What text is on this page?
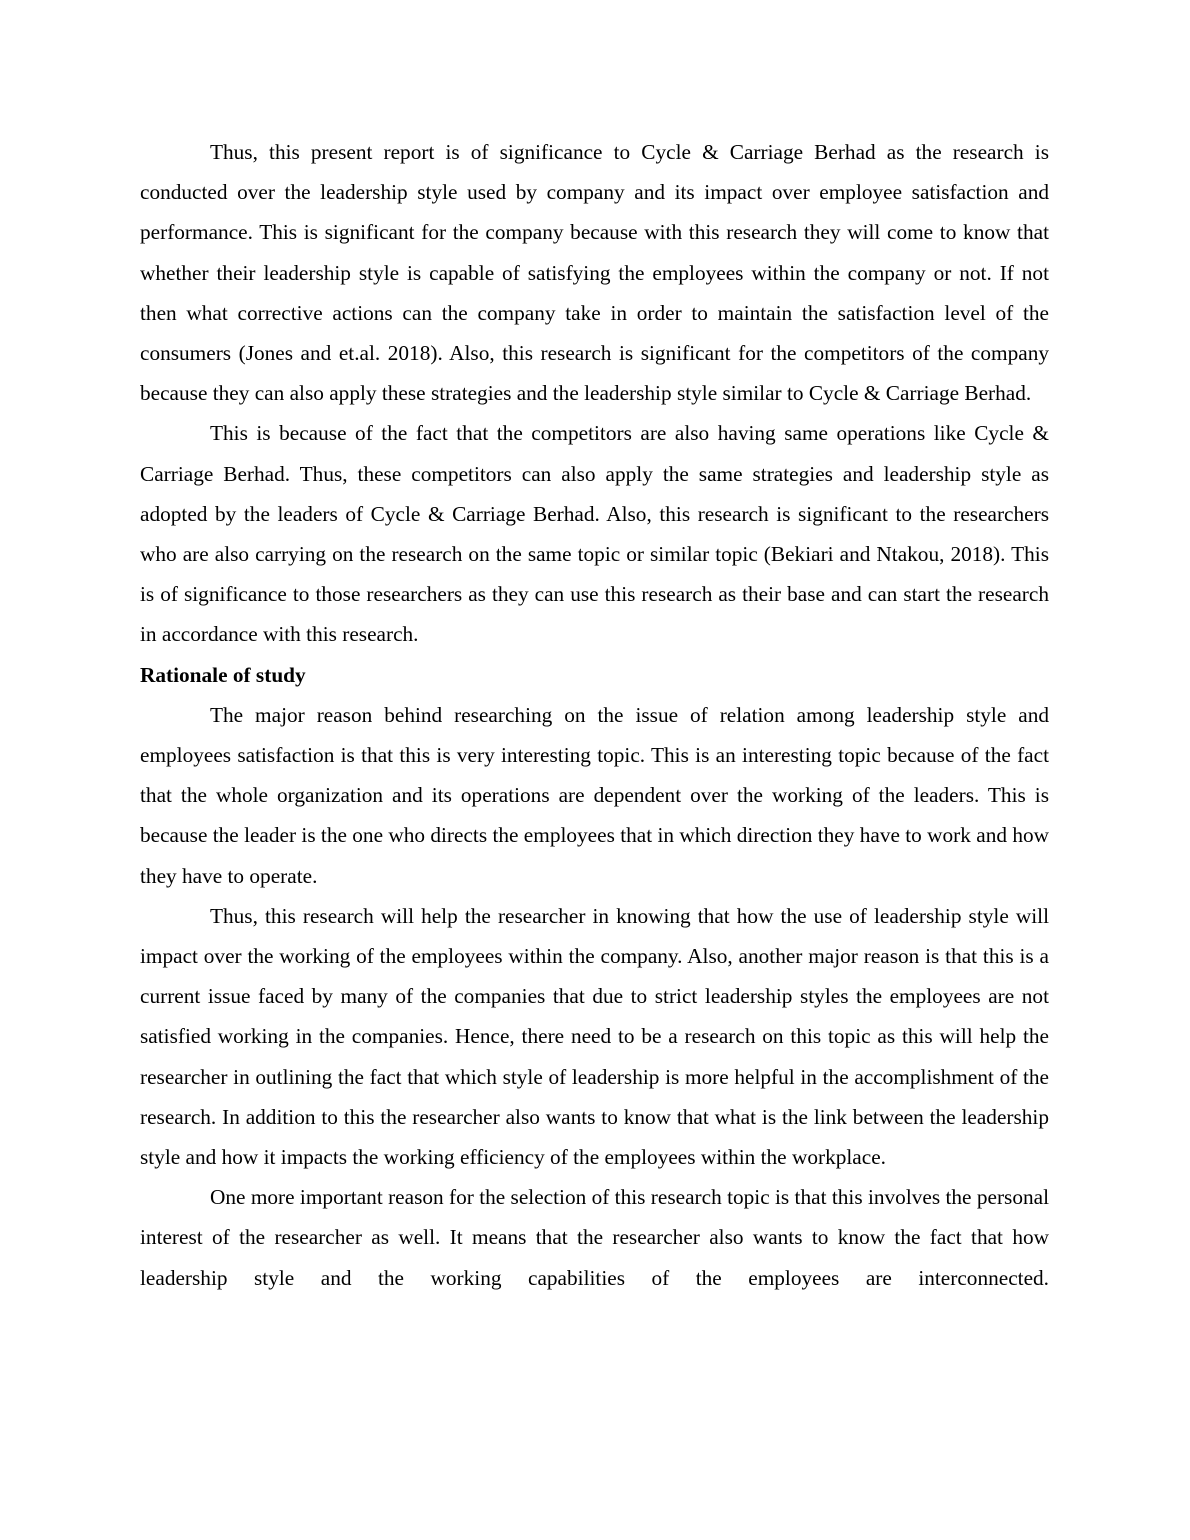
Thus, this present report is of significance to Cycle & Carriage Berhad as the research is conducted over the leadership style used by company and its impact over employee satisfaction and performance. This is significant for the company because with this research they will come to know that whether their leadership style is capable of satisfying the employees within the company or not. If not then what corrective actions can the company take in order to maintain the satisfaction level of the consumers (Jones and et.al. 2018). Also, this research is significant for the competitors of the company because they can also apply these strategies and the leadership style similar to Cycle & Carriage Berhad.

This is because of the fact that the competitors are also having same operations like Cycle & Carriage Berhad. Thus, these competitors can also apply the same strategies and leadership style as adopted by the leaders of Cycle & Carriage Berhad. Also, this research is significant to the researchers who are also carrying on the research on the same topic or similar topic (Bekiari and Ntakou, 2018). This is of significance to those researchers as they can use this research as their base and can start the research in accordance with this research.

Rationale of study

The major reason behind researching on the issue of relation among leadership style and employees satisfaction is that this is very interesting topic. This is an interesting topic because of the fact that the whole organization and its operations are dependent over the working of the leaders. This is because the leader is the one who directs the employees that in which direction they have to work and how they have to operate.

Thus, this research will help the researcher in knowing that how the use of leadership style will impact over the working of the employees within the company. Also, another major reason is that this is a current issue faced by many of the companies that due to strict leadership styles the employees are not satisfied working in the companies. Hence, there need to be a research on this topic as this will help the researcher in outlining the fact that which style of leadership is more helpful in the accomplishment of the research. In addition to this the researcher also wants to know that what is the link between the leadership style and how it impacts the working efficiency of the employees within the workplace.

One more important reason for the selection of this research topic is that this involves the personal interest of the researcher as well. It means that the researcher also wants to know the fact that how leadership style and the working capabilities of the employees are interconnected.
